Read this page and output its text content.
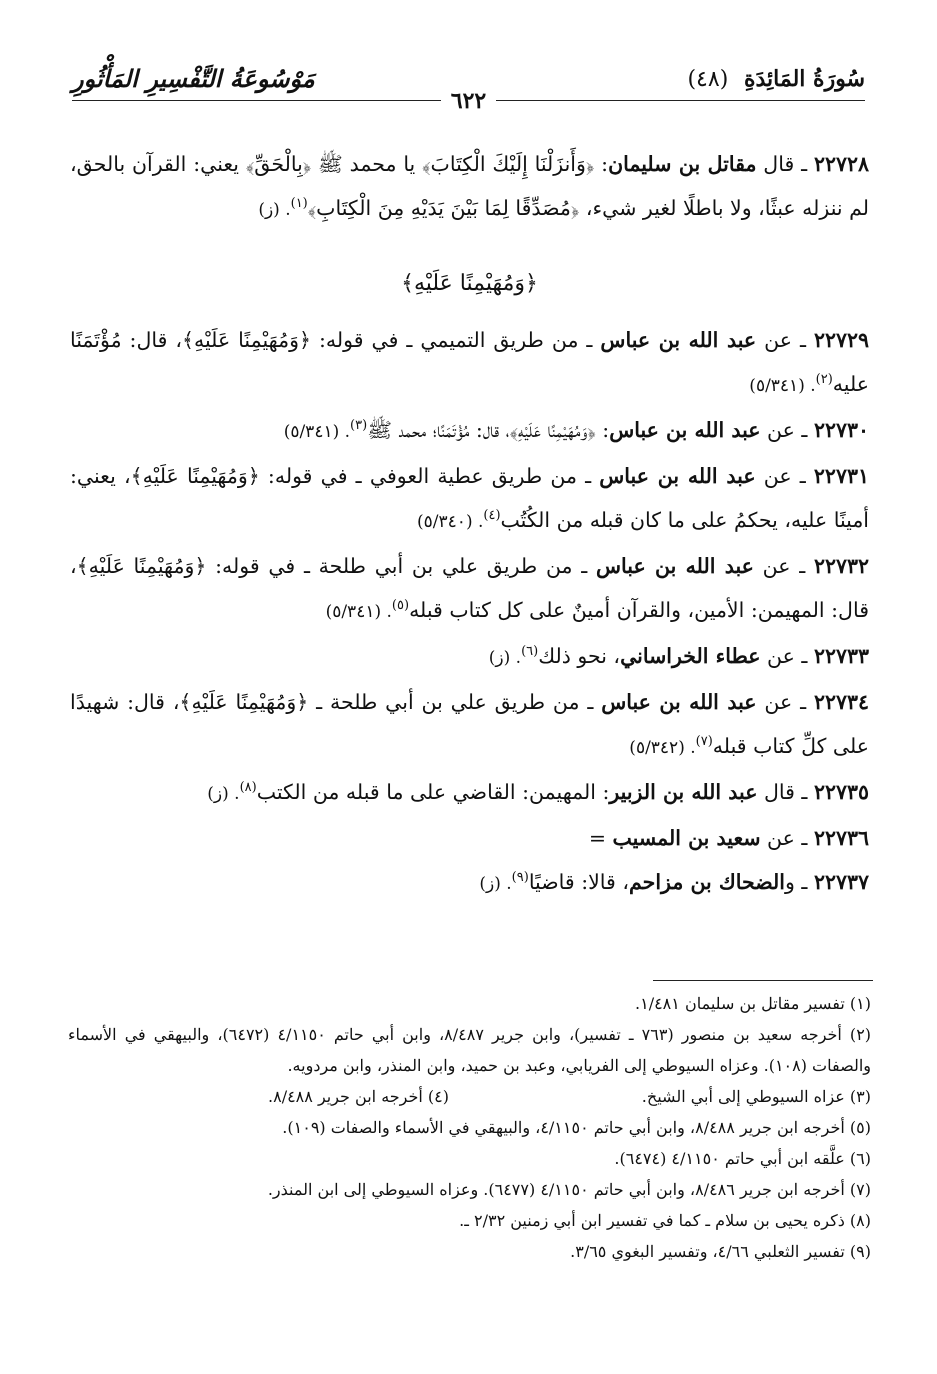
سُورَةُ المَائِدَةِ (٤٨)
مَوْسُوعَةُ التَّفْسِيرِ المَأْثُورِ
٦٢٢

٢٢٧٢٨ ـ قال مقاتل بن سليمان: ﴿وَأَنزَلْنَا إِلَيْكَ الْكِتَابَ﴾ يا محمد ﷺ ﴿بِالْحَقِّ﴾ يعني: القرآن بالحق، لم ننزله عبثًا، ولا باطلًا لغير شيء، ﴿مُصَدِّقًا لِمَا بَيْنَ يَدَيْهِ مِنَ الْكِتَابِ﴾$^{(١)}$. (ز)

﴿وَمُهَيْمِنًا عَلَيْهِ﴾

٢٢٧٢٩ ـ عن عبد الله بن عباس ـ من طريق التميمي ـ في قوله: ﴿وَمُهَيْمِنًا عَلَيْهِ﴾، قال: مُؤْتَمَنًا عليه$^{(٢)}$. (٥/٣٤١)

٢٢٧٣٠ ـ عن عبد الله بن عباس: ﴿وَمُهَيْمِنًا عَلَيْهِ﴾، قال: مُؤْتَمَنًا؛ محمد ﷺ$^{(٣)}$. (٥/٣٤١)

٢٢٧٣١ ـ عن عبد الله بن عباس ـ من طريق عطية العوفي ـ في قوله: ﴿وَمُهَيْمِنًا عَلَيْهِ﴾، يعني: أمينًا عليه، يحكمُ على ما كان قبله من الكُتُب$^{(٤)}$. (٥/٣٤٠)

٢٢٧٣٢ ـ عن عبد الله بن عباس ـ من طريق علي بن أبي طلحة ـ في قوله: ﴿وَمُهَيْمِنًا عَلَيْهِ﴾، قال: المهيمن: الأمين، والقرآن أمينٌ على كل كتاب قبله$^{(٥)}$. (٥/٣٤١)

٢٢٧٣٣ ـ عن عطاء الخراساني، نحو ذلك$^{(٦)}$. (ز)

٢٢٧٣٤ ـ عن عبد الله بن عباس ـ من طريق علي بن أبي طلحة ـ ﴿وَمُهَيْمِنًا عَلَيْهِ﴾، قال: شهيدًا على كلِّ كتاب قبله$^{(٧)}$. (٥/٣٤٢)

٢٢٧٣٥ ـ قال عبد الله بن الزبير: المهيمن: القاضي على ما قبله من الكتب$^{(٨)}$. (ز)

٢٢٧٣٦ ـ عن سعيد بن المسيب =

٢٢٧٣٧ ـ والضحاك بن مزاحم، قالا: قاضيًا$^{(٩)}$. (ز)

(١) تفسير مقاتل بن سليمان ١/٤٨١.

(٢) أخرجه سعيد بن منصور (٧٦٣ ـ تفسير)، وابن جرير ٨/٤٨٧، وابن أبي حاتم ٤/١١٥٠ (٦٤٧٢)، والبيهقي في الأسماء والصفات (١٠٨). وعزاه السيوطي إلى الفريابي، وعبد بن حميد، وابن المنذر، وابن مردويه.

(٣) عزاه السيوطي إلى أبي الشيخ.
(٤) أخرجه ابن جرير ٨/٤٨٨.

(٥) أخرجه ابن جرير ٨/٤٨٨، وابن أبي حاتم ٤/١١٥٠، والبيهقي في الأسماء والصفات (١٠٩).

(٦) علَّقه ابن أبي حاتم ٤/١١٥٠ (٦٤٧٤).

(٧) أخرجه ابن جرير ٨/٤٨٦، وابن أبي حاتم ٤/١١٥٠ (٦٤٧٧). وعزاه السيوطي إلى ابن المنذر.

(٨) ذكره يحيى بن سلام ـ كما في تفسير ابن أبي زمنين ٢/٣٢ ـ.

(٩) تفسير الثعلبي ٤/٦٦، وتفسير البغوي ٣/٦٥.
